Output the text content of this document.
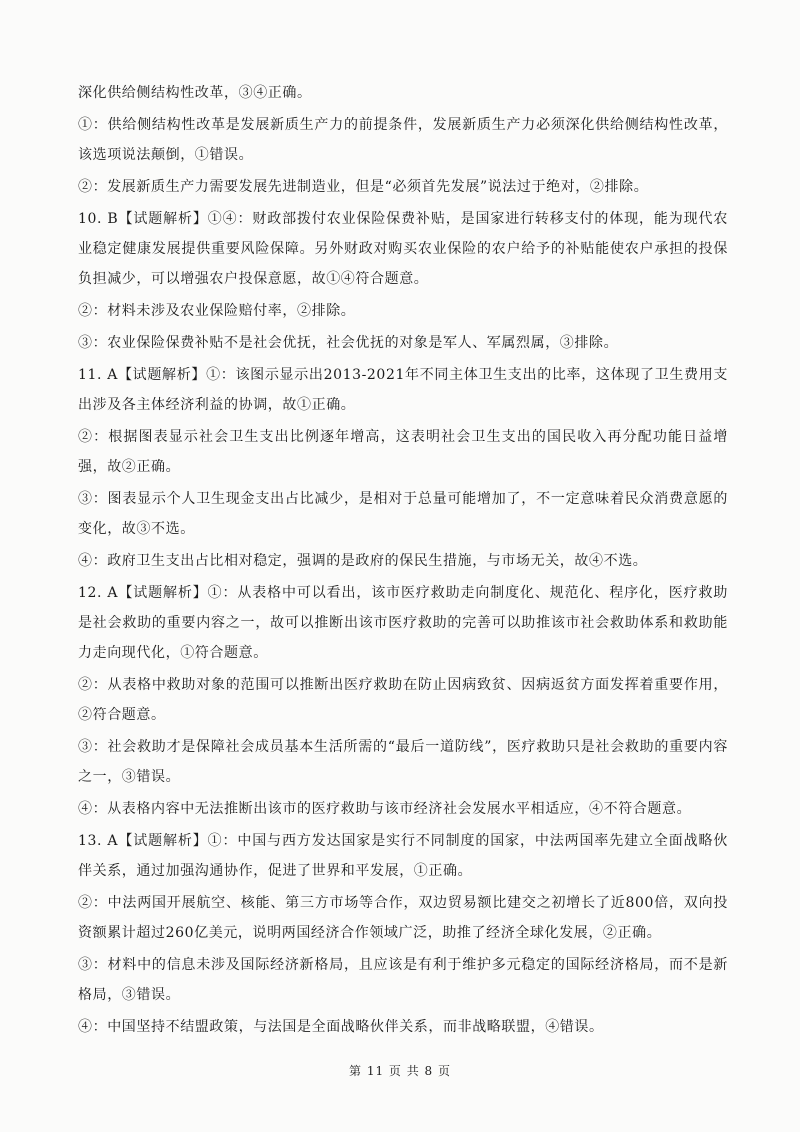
深化供给侧结构性改革，③④正确。

①：供给侧结构性改革是发展新质生产力的前提条件，发展新质生产力必须深化供给侧结构性改革，该选项说法颠倒，①错误。

②：发展新质生产力需要发展先进制造业，但是“必须首先发展”说法过于绝对，②排除。

10. B【试题解析】①④：财政部拨付农业保险保费补贴，是国家进行转移支付的体现，能为现代农业稳定健康发展提供重要风险保障。另外财政对购买农业保险的农户给予的补贴能使农户承担的投保负担减少，可以增强农户投保意愿，故①④符合题意。

②：材料未涉及农业保险赔付率，②排除。

③：农业保险保费补贴不是社会优抚，社会优抚的对象是军人、军属烈属，③排除。

11. A【试题解析】①：该图示显示出2013-2021年不同主体卫生支出的比率，这体现了卫生费用支出涉及各主体经济利益的协调，故①正确。

②：根据图表显示社会卫生支出比例逐年增高，这表明社会卫生支出的国民收入再分配功能日益增强，故②正确。

③：图表显示个人卫生现金支出占比减少，是相对于总量可能增加了，不一定意味着民众消费意愿的变化，故③不选。

④：政府卫生支出占比相对稳定，强调的是政府的保民生措施，与市场无关，故④不选。

12. A【试题解析】①：从表格中可以看出，该市医疗救助走向制度化、规范化、程序化，医疗救助是社会救助的重要内容之一，故可以推断出该市医疗救助的完善可以助推该市社会救助体系和救助能力走向现代化，①符合题意。

②：从表格中救助对象的范围可以推断出医疗救助在防止因病致贫、因病返贫方面发挥着重要作用，②符合题意。

③：社会救助才是保障社会成员基本生活所需的“最后一道防线”，医疗救助只是社会救助的重要内容之一，③错误。

④：从表格内容中无法推断出该市的医疗救助与该市经济社会发展水平相适应，④不符合题意。

13. A【试题解析】①：中国与西方发达国家是实行不同制度的国家，中法两国率先建立全面战略伙伴关系，通过加强沟通协作，促进了世界和平发展，①正确。

②：中法两国开展航空、核能、第三方市场等合作，双边贸易额比建交之初增长了近800倍，双向投资额累计超过260亿美元，说明两国经济合作领域广泛，助推了经济全球化发展，②正确。

③：材料中的信息未涉及国际经济新格局，且应该是有利于维护多元稳定的国际经济格局，而不是新格局，③错误。

④：中国坚持不结盟政策，与法国是全面战略伙伴关系，而非战略联盟，④错误。

第 11 页 共 8 页
